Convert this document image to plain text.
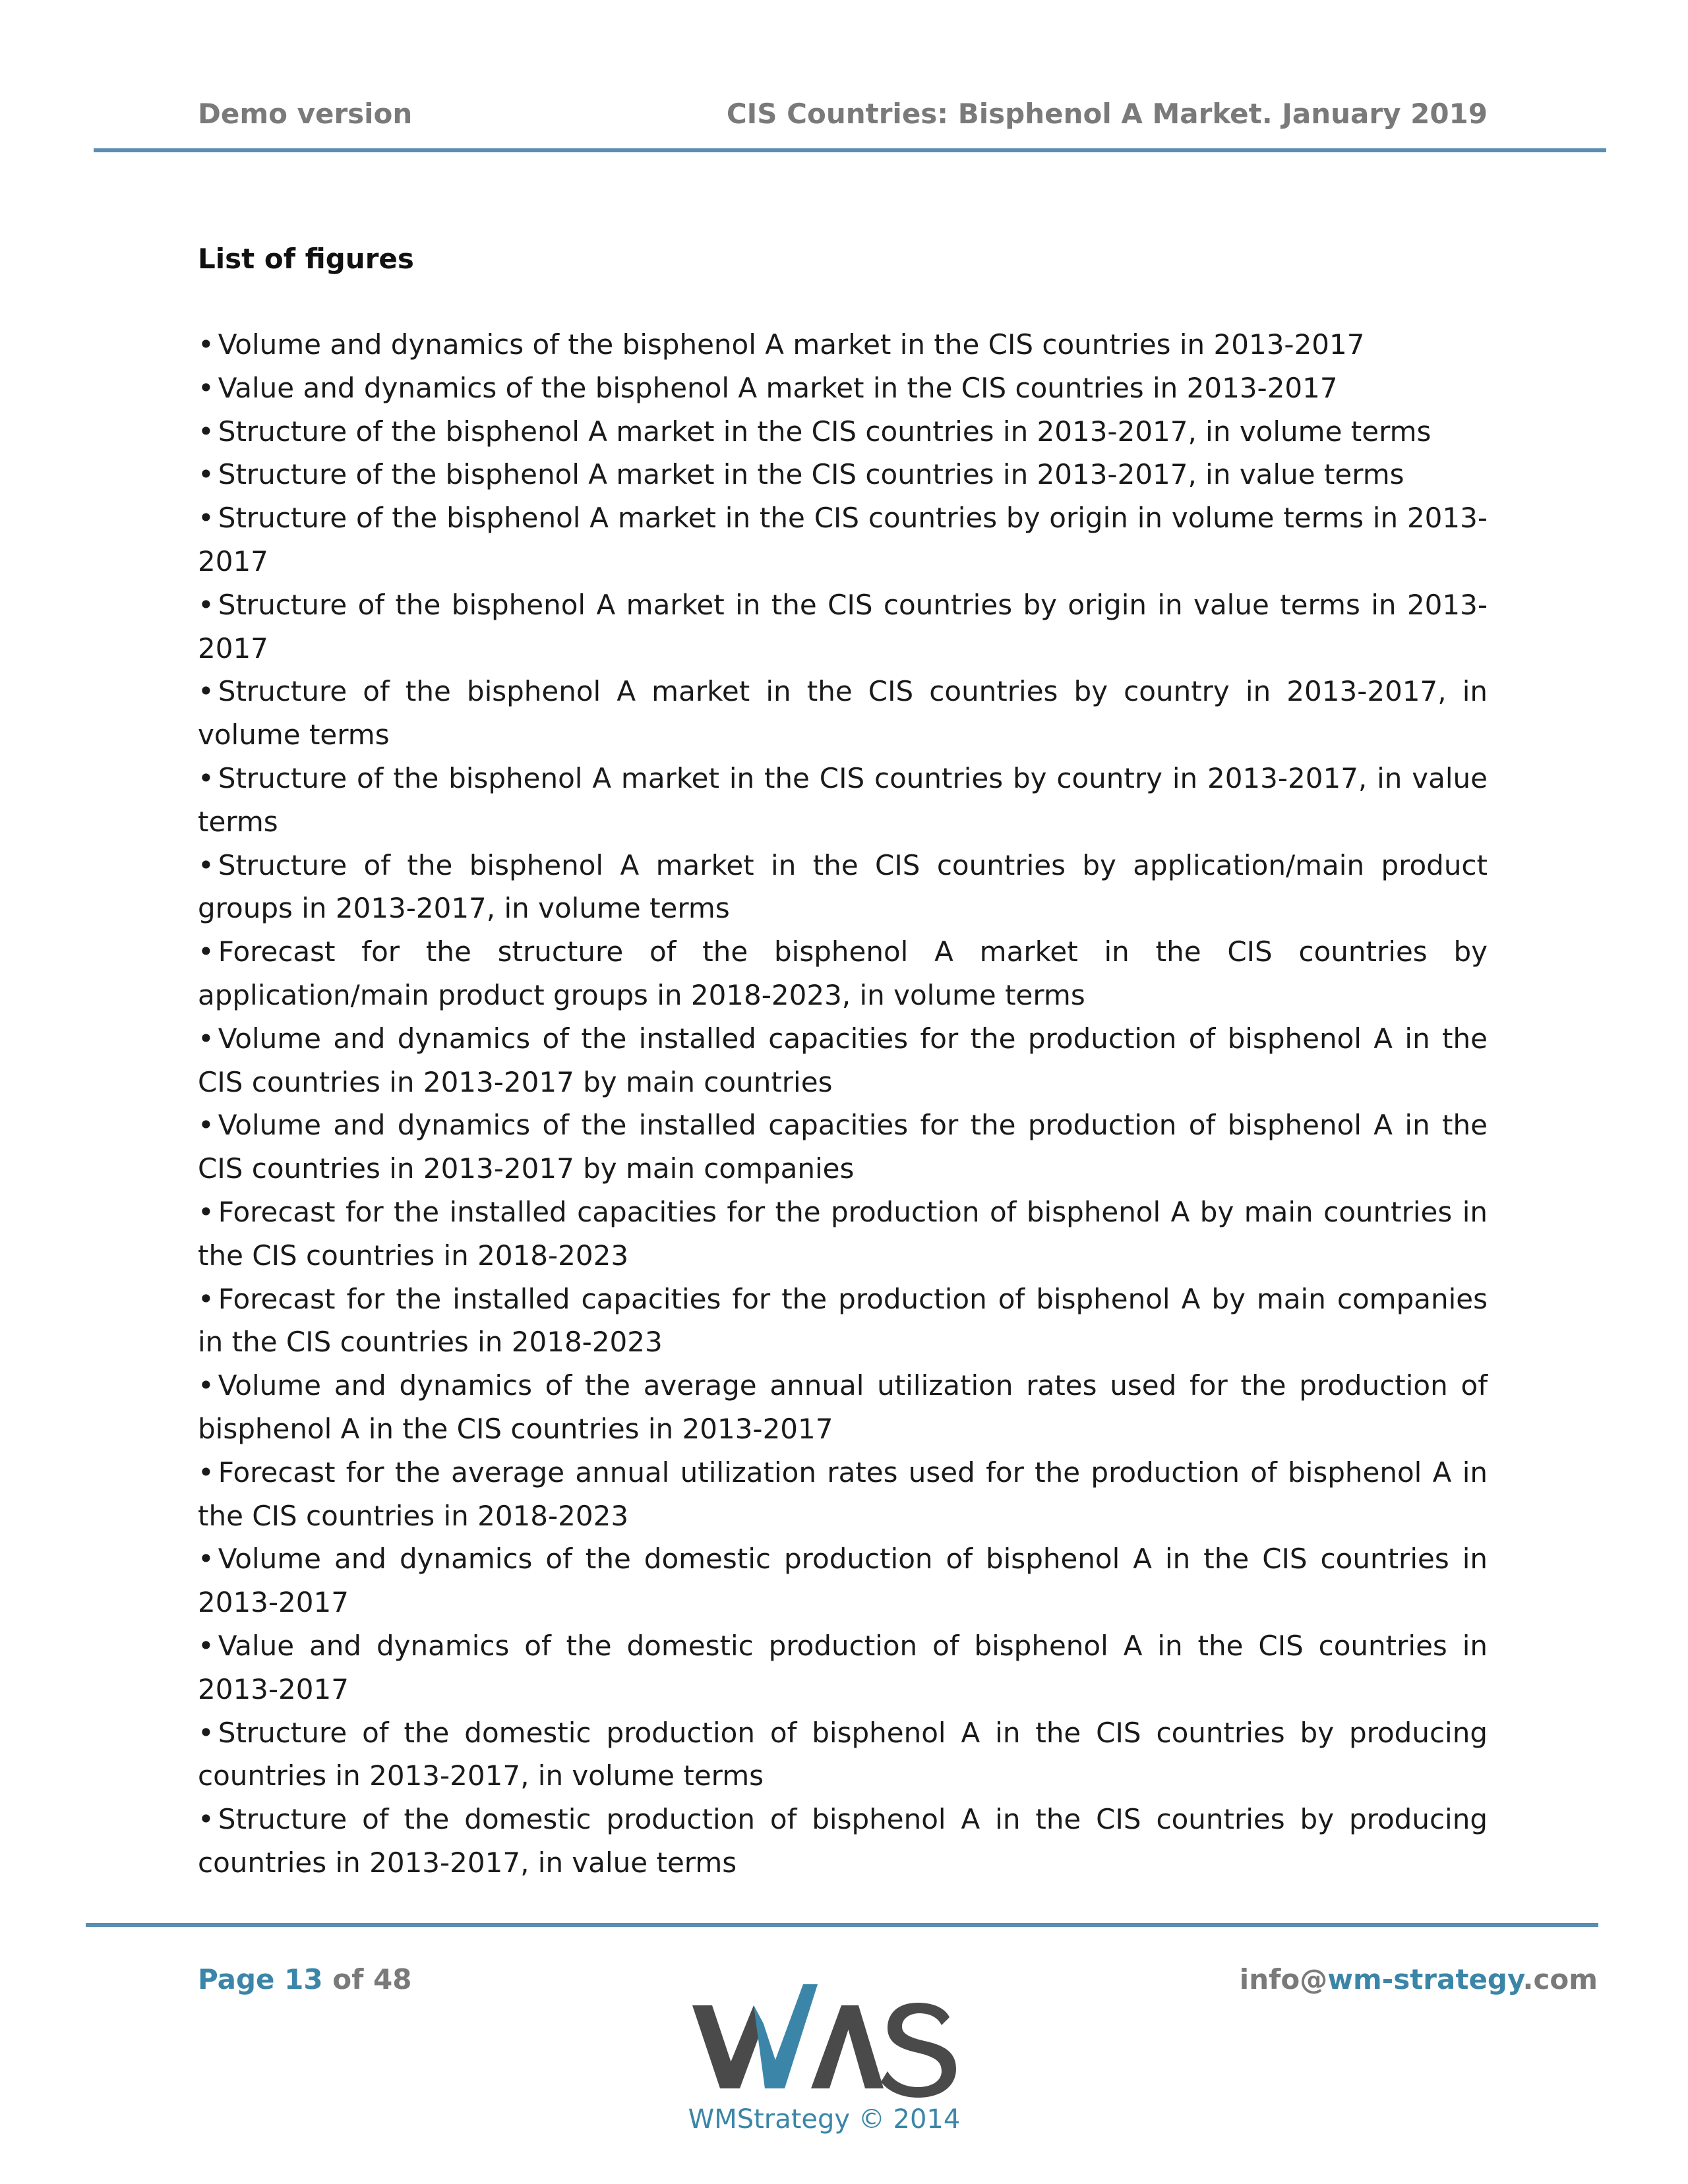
Demo version	CIS Countries: Bisphenol A Market. January 2019
List of figures
• Volume and dynamics of the bisphenol A market in the CIS countries in 2013-2017
• Value and dynamics of the bisphenol A market in the CIS countries in 2013-2017
• Structure of the bisphenol A market in the CIS countries in 2013-2017, in volume terms
• Structure of the bisphenol A market in the CIS countries in 2013-2017, in value terms
• Structure of the bisphenol A market in the CIS countries by origin in volume terms in 2013-2017
• Structure of the bisphenol A market in the CIS countries by origin in value terms in 2013-2017
• Structure of the bisphenol A market in the CIS countries by country in 2013-2017, in volume terms
• Structure of the bisphenol A market in the CIS countries by country in 2013-2017, in value terms
• Structure of the bisphenol A market in the CIS countries by application/main product groups in 2013-2017, in volume terms
• Forecast for the structure of the bisphenol A market in the CIS countries by application/main product groups in 2018-2023, in volume terms
• Volume and dynamics of the installed capacities for the production of bisphenol A in the CIS countries in 2013-2017 by main countries
• Volume and dynamics of the installed capacities for the production of bisphenol A in the CIS countries in 2013-2017 by main companies
• Forecast for the installed capacities for the production of bisphenol A by main countries in the CIS countries in 2018-2023
• Forecast for the installed capacities for the production of bisphenol A by main companies in the CIS countries in 2018-2023
• Volume and dynamics of the average annual utilization rates used for the production of bisphenol A in the CIS countries in 2013-2017
• Forecast for the average annual utilization rates used for the production of bisphenol A in the CIS countries in 2018-2023
• Volume and dynamics of the domestic production of bisphenol A in the CIS countries in 2013-2017
• Value and dynamics of the domestic production of bisphenol A in the CIS countries in 2013-2017
• Structure of the domestic production of bisphenol A in the CIS countries by producing countries in 2013-2017, in volume terms
• Structure of the domestic production of bisphenol A in the CIS countries by producing countries in 2013-2017, in value terms
Page 13 of 48
WMStrategy © 2014
info@wm-strategy.com
